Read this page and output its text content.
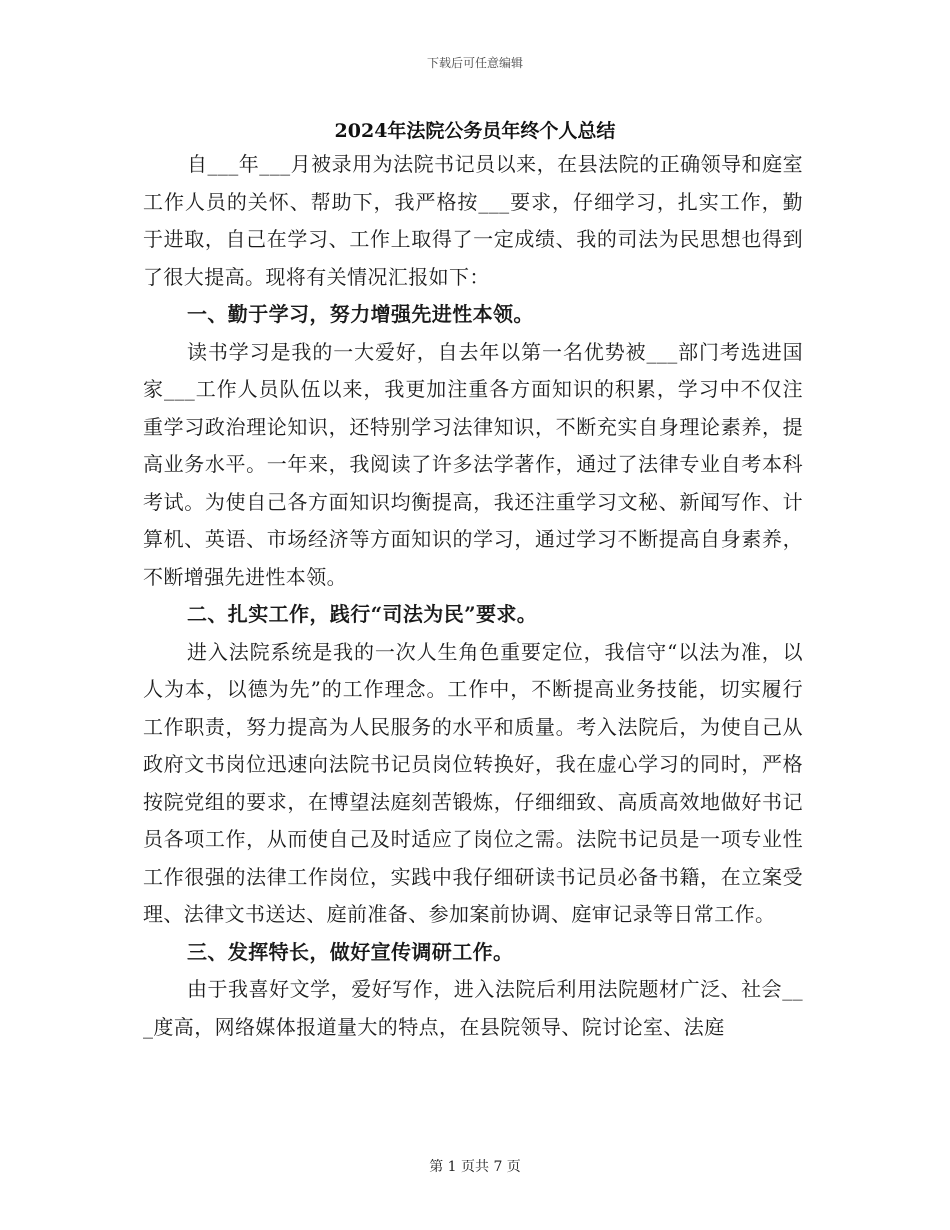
下载后可任意编辑
2024年法院公务员年终个人总结

自___年___月被录用为法院书记员以来，在县法院的正确领导和庭室工作人员的关怀、帮助下，我严格按___要求，仔细学习，扎实工作，勤于进取，自己在学习、工作上取得了一定成绩、我的司法为民思想也得到了很大提高。现将有关情况汇报如下：

一、勤于学习，努力增强先进性本领。

读书学习是我的一大爱好，自去年以第一名优势被___部门考选进国家___工作人员队伍以来，我更加注重各方面知识的积累，学习中不仅注重学习政治理论知识，还特别学习法律知识，不断充实自身理论素养，提高业务水平。一年来，我阅读了许多法学著作，通过了法律专业自考本科考试。为使自己各方面知识均衡提高，我还注重学习文秘、新闻写作、计算机、英语、市场经济等方面知识的学习，通过学习不断提高自身素养，不断增强先进性本领。

二、扎实工作，践行“司法为民”要求。

进入法院系统是我的一次人生角色重要定位，我信守“以法为准，以人为本，以德为先”的工作理念。工作中，不断提高业务技能，切实履行工作职责，努力提高为人民服务的水平和质量。考入法院后，为使自己从政府文书岗位迅速向法院书记员岗位转换好，我在虚心学习的同时，严格按院党组的要求，在博望法庭刻苦锻炼，仔细细致、高质高效地做好书记员各项工作，从而使自己及时适应了岗位之需。法院书记员是一项专业性工作很强的法律工作岗位，实践中我仔细研读书记员必备书籍，在立案受理、法律文书送达、庭前准备、参加案前协调、庭审记录等日常工作。

三、发挥特长，做好宣传调研工作。

由于我喜好文学，爱好写作，进入法院后利用法院题材广泛、社会___度高，网络媒体报道量大的特点，在县院领导、院讨论室、法庭

第 1 页共 7 页
